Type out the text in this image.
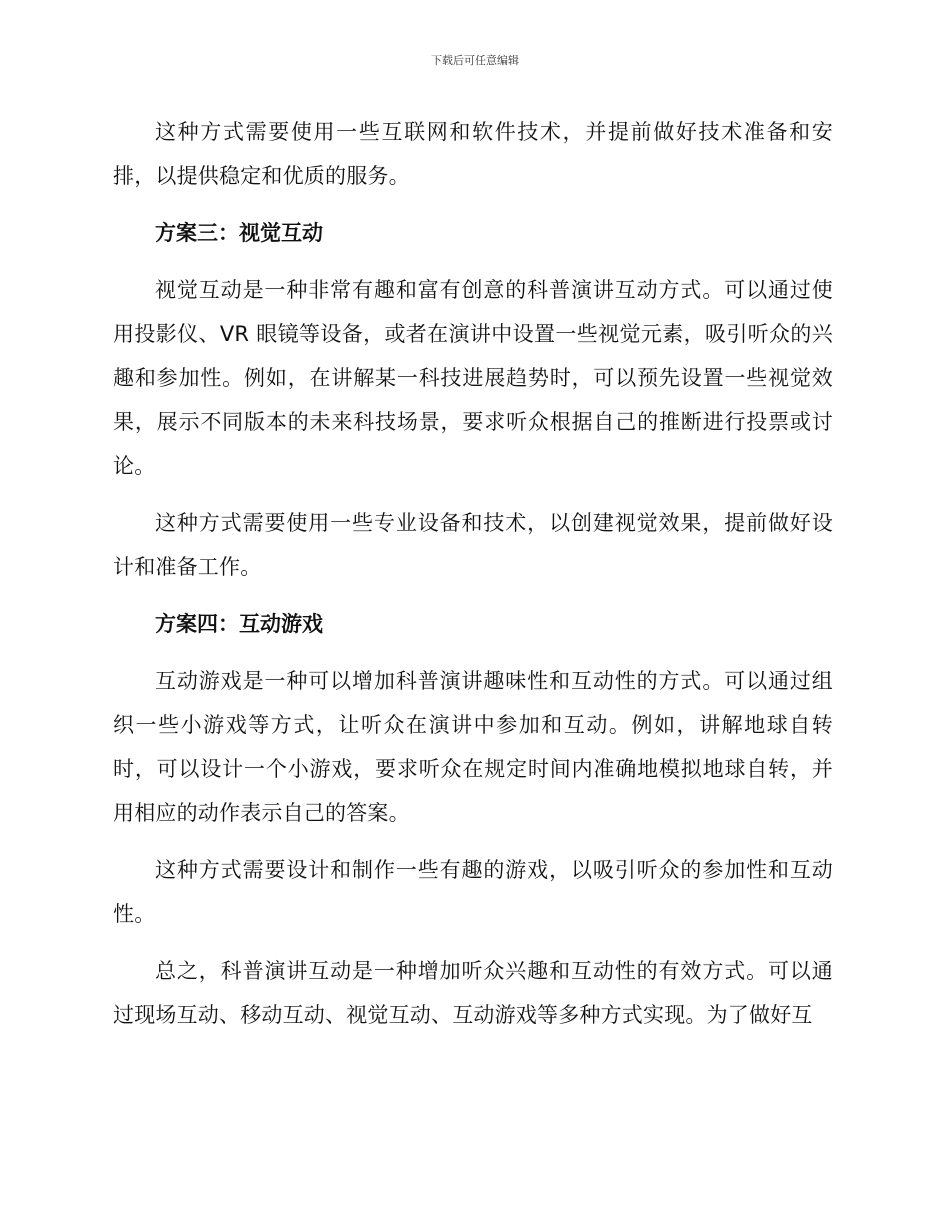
下载后可任意编辑

这种方式需要使用一些互联网和软件技术，并提前做好技术准备和安排，以提供稳定和优质的服务。

方案三：视觉互动

视觉互动是一种非常有趣和富有创意的科普演讲互动方式。可以通过使用投影仪、VR 眼镜等设备，或者在演讲中设置一些视觉元素，吸引听众的兴趣和参加性。例如，在讲解某一科技进展趋势时，可以预先设置一些视觉效果，展示不同版本的未来科技场景，要求听众根据自己的推断进行投票或讨论。

这种方式需要使用一些专业设备和技术，以创建视觉效果，提前做好设计和准备工作。

方案四：互动游戏

互动游戏是一种可以增加科普演讲趣味性和互动性的方式。可以通过组织一些小游戏等方式，让听众在演讲中参加和互动。例如，讲解地球自转时，可以设计一个小游戏，要求听众在规定时间内准确地模拟地球自转，并用相应的动作表示自己的答案。

这种方式需要设计和制作一些有趣的游戏，以吸引听众的参加性和互动性。

总之，科普演讲互动是一种增加听众兴趣和互动性的有效方式。可以通过现场互动、移动互动、视觉互动、互动游戏等多种方式实现。为了做好互
